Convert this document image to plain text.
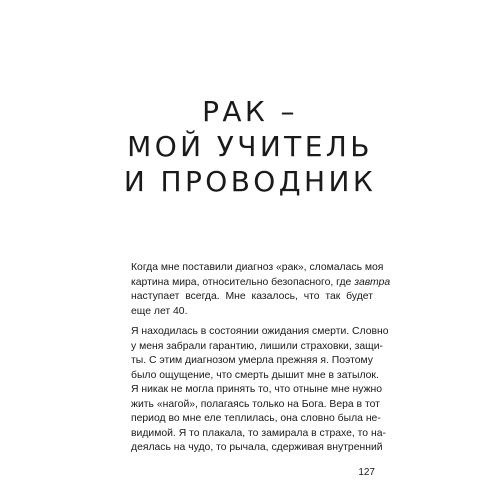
РАК –
МОЙ УЧИТЕЛЬ
И ПРОВОДНИК

Когда мне поставили диагноз «рак», сломалась моя
картина мира, относительно безопасного, где завтра
наступает всегда. Мне казалось, что так будет
еще лет 40.

Я находилась в состоянии ожидания смерти. Словно
у меня забрали гарантию, лишили страховки, защи-
ты. С этим диагнозом умерла прежняя я. Поэтому
было ощущение, что смерть дышит мне в затылок.
Я никак не могла принять то, что отныне мне нужно
жить «нагой», полагаясь только на Бога. Вера в тот
период во мне еле теплилась, она словно была не-
видимой. Я то плакала, то замирала в страхе, то на-
деялась на чудо, то рычала, сдерживая внутренний

127
